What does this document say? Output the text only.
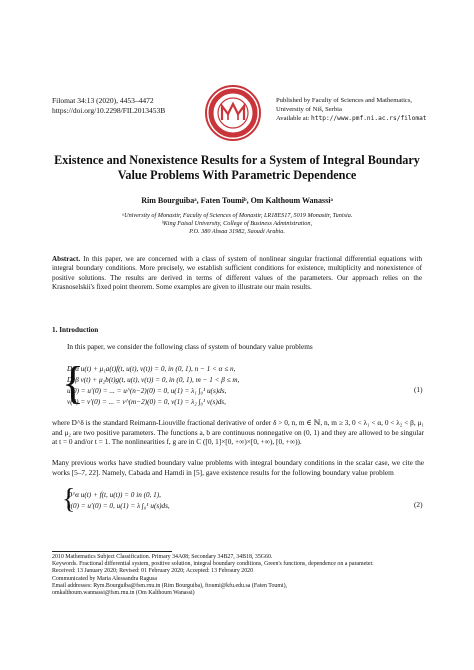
Filomat 34:13 (2020), 4453–4472
https://doi.org/10.2298/FIL2013453B
Published by Faculty of Sciences and Mathematics,
University of Niš, Serbia
Available at: http://www.pmf.ni.ac.rs/filomat
Existence and Nonexistence Results for a System of Integral Boundary
Value Problems With Parametric Dependence
Rim Bourguibaᵃ, Faten Toumiᵇ, Om Kalthoum Wanassiᵃ
ᵃUniversity of Monastir, Faculty of Sciences of Monastir, LR18ES17, 5019 Monastir, Tunisia.
ᵇKing Faisal University, College of Business Administration,
P.O. 380 Ahsaa 31982, Saoudi Arabia.
Abstract. In this paper, we are concerned with a class of system of nonlinear singular fractional differential equations with integral boundary conditions. More precisely, we establish sufficient conditions for existence, multiplicity and nonexistence of positive solutions. The results are derived in terms of different values of the parameters. Our approach relies on the Krasnoselskii's fixed point theorem. Some examples are given to illustrate our main results.
1. Introduction
In this paper, we consider the following class of system of boundary value problems
{
D^α u(t) + μ₁a(t)f(t, u(t), v(t)) = 0, in (0, 1), n − 1 < α ≤ n,
D^β v(t) + μ₂b(t)g(t, u(t), v(t)) = 0, in (0, 1), m − 1 < β ≤ m,
u(0) = u′(0) = ... = u^(n−2)(0) = 0, u(1) = λ₁ ∫₀¹ u(s)ds,
v(0) = v′(0) = ... = v^(m−2)(0) = 0, v(1) = λ₂ ∫₀¹ v(s)ds,
(1)
where D^δ is the standard Reimann-Liouville fractional derivative of order δ > 0, n, m ∈ ℕ, n, m ≥ 3, 0 < λ₁ < α, 0 < λ₂ < β, μ₁ and μ₂ are two positive parameters. The functions a, b are continuous nonnegative on (0, 1) and they are allowed to be singular at t = 0 and/or t = 1. The nonlinearities f, g are in C ([0, 1]×[0, +∞)×[0, +∞), [0, +∞)).
Many previous works have studied boundary value problems with integral boundary conditions in the scalar case, we cite the works [5–7, 22]. Namely, Cabada and Hamdi in [5], gave existence results for the following boundary value problem
{
D^α u(t) + f(t, u(t)) = 0 in (0, 1),
u(0) = u′(0) = 0, u(1) = λ ∫₀¹ u(s)ds,	(2)

2010 Mathematics Subject Classification. Primary 34A08; Secondary 34B27, 34B18, 35G60.

Keywords. Fractional differential system, positive solution, integral boundary conditions, Green's functions, dependence on a parameter.

Received: 13 January 2020; Revised: 01 February 2020; Accepted: 13 Febraury 2020

Communicated by Maria Alessandra Ragusa

Email addresses: Rym.Bourguiba@fsm.rnu.tn (Rim Bourguiba), ftoumi@kfu.edu.sa (Faten Toumi),

omkalthoum.wannassi@fsm.rnu.tn (Om Kalthoum Wanassi)
